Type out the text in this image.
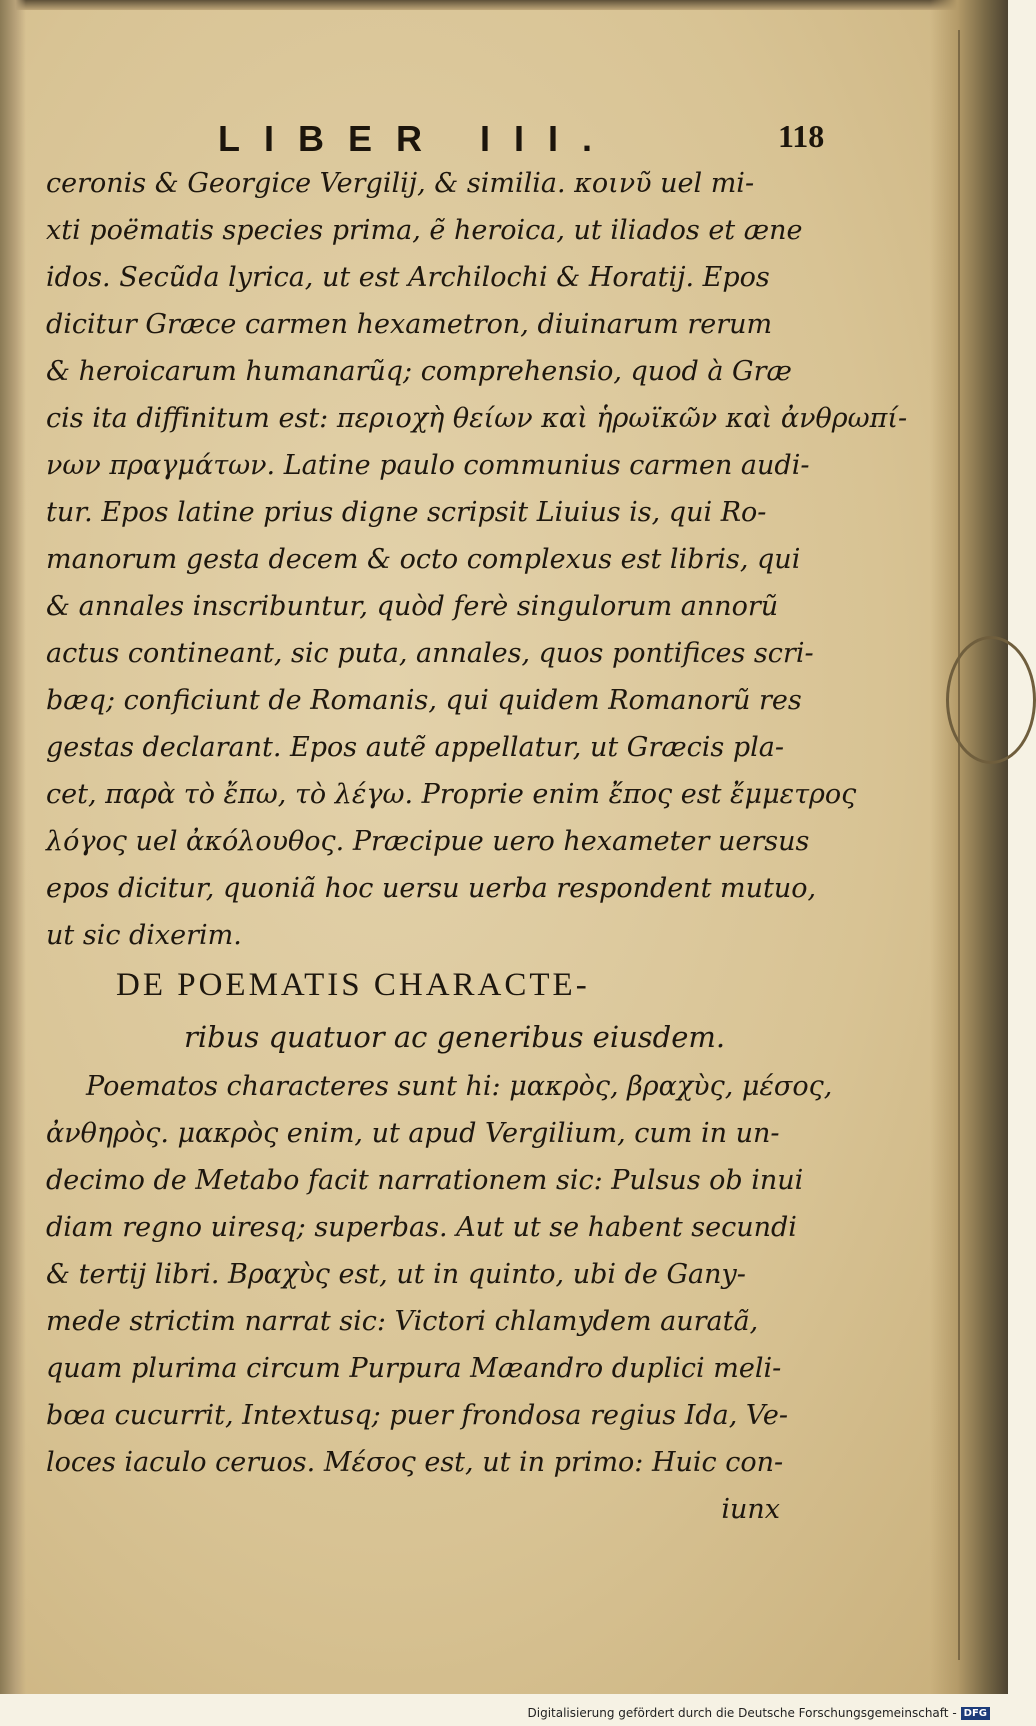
LIBER III.	118
ceronis & Georgice Vergilij, & similia. κοινῦ uel mi-
xti poëmatis species prima, ẽ heroica, ut iliados et æne
idos. Secũda lyrica, ut est Archilochi & Horatij. Epos
dicitur Græce carmen hexametron, diuinarum rerum
& heroicarum humanarũq; comprehensio, quod à Græ
cis ita diffinitum est: περιοχὴ θείων καὶ ἡρωϊκῶν καὶ ἀνθρωπί-
νων πραγμάτων. Latine paulo communius carmen audi-
tur. Epos latine prius digne scripsit Liuius is, qui Ro-
manorum gesta decem & octo complexus est libris, qui
& annales inscribuntur, quòd ferè singulorum annorũ
actus contineant, sic puta, annales, quos pontifices scri-
bæq; conficiunt de Romanis, qui quidem Romanorũ res
gestas declarant. Epos autẽ appellatur, ut Græcis pla-
cet, παρὰ τὸ ἔπω, τὸ λέγω. Proprie enim ἔπος est ἔμμετρος
λόγος uel ἀκόλουθος. Præcipue uero hexameter uersus
epos dicitur, quoniã hoc uersu uerba respondent mutuo,
ut sic dixerim.
DE POEMATIS CHARACTE-
ribus quatuor ac generibus eiusdem.
Poematos characteres sunt hi: μακρὸς, βραχὺς, μέσος,
ἀνθηρὸς. μακρὸς enim, ut apud Vergilium, cum in un-
decimo de Metabo facit narrationem sic: Pulsus ob inui
diam regno uiresq; superbas. Aut ut se habent secundi
& tertij libri. Βραχὺς est, ut in quinto, ubi de Gany-
mede strictim narrat sic: Victori chlamydem auratã,
quam plurima circum Purpura Mæandro duplici meli-
bœa cucurrit, Intextusq; puer frondosa regius Ida, Ve-
loces iaculo ceruos. Μέσος est, ut in primo: Huic con-
iunx
Digitalisierung gefördert durch die Deutsche Forschungsgemeinschaft - DFG
